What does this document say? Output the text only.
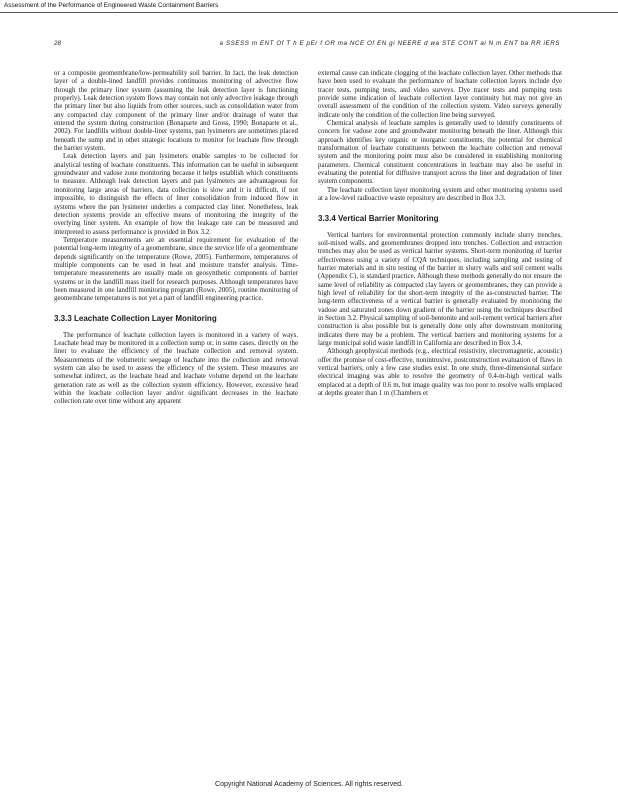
Assessment of the Performance of Engineered Waste Containment Barriers
28	a SSESS m ENT Of T h E pEr f OR ma NCE Of EN gi NEERE d wa STE CONT ai N m ENT ba RR iERS

or a composite geomembrane/low-permeability soil barrier. In fact, the leak detection layer of a double-lined landfill provides continuous monitoring of advective flow through the primary liner system (assuming the leak detection layer is functioning properly). Leak detection system flows may contain not only advective leakage through the primary liner but also liquids from other sources, such as consolidation water from any compacted clay component of the primary liner and/or drainage of water that entered the system during construction (Bonaparte and Gross, 1990; Bonaparte et al., 2002). For landfills without double-liner systems, pan lysimeters are sometimes placed beneath the sump and in other strategic locations to monitor for leachate flow through the barrier system.

Leak detection layers and pan lysimeters enable samples to be collected for analytical testing of leachate constituents. This information can be useful in subsequent groundwater and vadose zone monitoring because it helps establish which constituents to measure. Although leak detection layers and pan lysimeters are advantageous for monitoring large areas of barriers, data collection is slow and it is difficult, if not impossible, to distinguish the effects of liner consolidation from induced flow in systems where the pan lysimeter underlies a compacted clay liner. Nonetheless, leak detection systems provide an effective means of monitoring the integrity of the overlying liner system. An example of how the leakage rate can be measured and interpreted to assess performance is provided in Box 3.2.

Temperature measurements are an essential requirement for evaluation of the potential long-term integrity of a geomembrane, since the service life of a geomembrane depends significantly on the temperature (Rowe, 2005). Furthermore, temperatures of multiple components can be used in heat and moisture transfer analysis. Time-temperature measurements are usually made on geosynthetic components of barrier systems or in the landfill mass itself for research purposes. Although temperatures have been measured in one landfill monitoring program (Rowe, 2005), routine monitoring of geomembrane temperatures is not yet a part of landfill engineering practice.

3.3.3 Leachate Collection Layer Monitoring

The performance of leachate collection layers is monitored in a variety of ways. Leachate head may be monitored in a collection sump or, in some cases, directly on the liner to evaluate the efficiency of the leachate collection and removal system. Measurements of the volumetric seepage of leachate into the collection and removal system can also be used to assess the efficiency of the system. These measures are somewhat indirect, as the leachate head and leachate volume depend on the leachate generation rate as well as the collection system efficiency. However, excessive head within the leachate collection layer and/or significant decreases in the leachate collection rate over time without any apparent

external cause can indicate clogging of the leachate collection layer. Other methods that have been used to evaluate the performance of leachate collection layers include dye tracer tests, pumping tests, and video surveys. Dye tracer tests and pumping tests provide some indication of leachate collection layer continuity but may not give an overall assessment of the condition of the collection system. Video surveys generally indicate only the condition of the collection line being surveyed.

Chemical analysis of leachate samples is generally used to identify constituents of concern for vadose zone and groundwater monitoring beneath the liner. Although this approach identifies key organic or inorganic constituents, the potential for chemical transformation of leachate constituents between the leachate collection and removal system and the monitoring point must also be considered in establishing monitoring parameters. Chemical constituent concentrations in leachate may also be useful in evaluating the potential for diffusive transport across the liner and degradation of liner system components.

The leachate collection layer monitoring system and other monitoring systems used at a low-level radioactive waste repository are described in Box 3.3.

3.3.4 Vertical Barrier Monitoring

Vertical barriers for environmental protection commonly include slurry trenches, soil-mixed walls, and geomembranes dropped into trenches. Collection and extraction trenches may also be used as vertical barrier systems. Short-term monitoring of barrier effectiveness using a variety of CQA techniques, including sampling and testing of barrier materials and in situ testing of the barrier in slurry walls and soil cement walls (Appendix C), is standard practice. Although these methods generally do not ensure the same level of reliability as compacted clay layers or geomembranes, they can provide a high level of reliability for the short-term integrity of the as-constructed barrier. The long-term effectiveness of a vertical barrier is generally evaluated by monitoring the vadose and saturated zones down gradient of the barrier using the techniques described in Section 3.2. Physical sampling of soil-bentonite and soil-cement vertical barriers after construction is also possible but is generally done only after downstream monitoring indicates there may be a problem. The vertical barriers and monitoring systems for a large municipal solid waste landfill in California are described in Box 3.4.

Although geophysical methods (e.g., electrical resistivity, electromagnetic, acoustic) offer the promise of cost-effective, nonintrusive, postconstruction evaluation of flaws in vertical barriers, only a few case studies exist. In one study, three-dimensional surface electrical imaging was able to resolve the geometry of 0.4-m-high vertical walls emplaced at a depth of 0.6 m, but image quality was too poor to resolve walls emplaced at depths greater than 1 m (Chambers et

Copyright National Academy of Sciences. All rights reserved.
